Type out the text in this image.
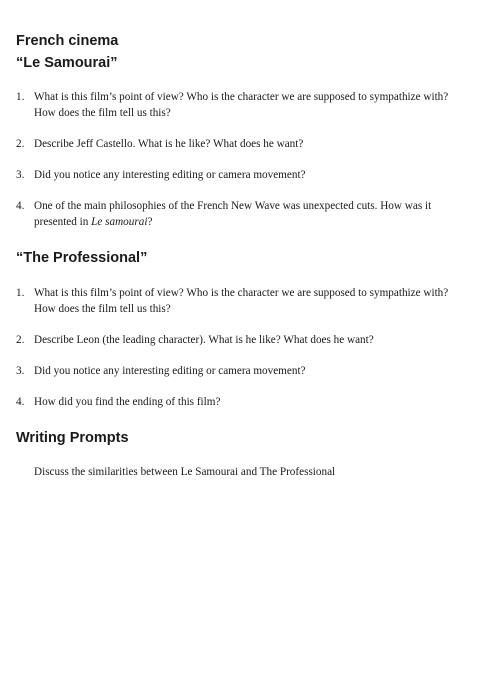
French cinema
“Le Samourai”
1. What is this film’s point of view? Who is the character we are supposed to sympathize with? How does the film tell us this?
2. Describe Jeff Castello. What is he like? What does he want?
3. Did you notice any interesting editing or camera movement?
4. One of the main philosophies of the French New Wave was unexpected cuts. How was it presented in Le samourai?
“The Professional”
1. What is this film’s point of view? Who is the character we are supposed to sympathize with? How does the film tell us this?
2. Describe Leon (the leading character). What is he like? What does he want?
3. Did you notice any interesting editing or camera movement?
4. How did you find the ending of this film?
Writing Prompts

Discuss the similarities between Le Samourai and The Professional
